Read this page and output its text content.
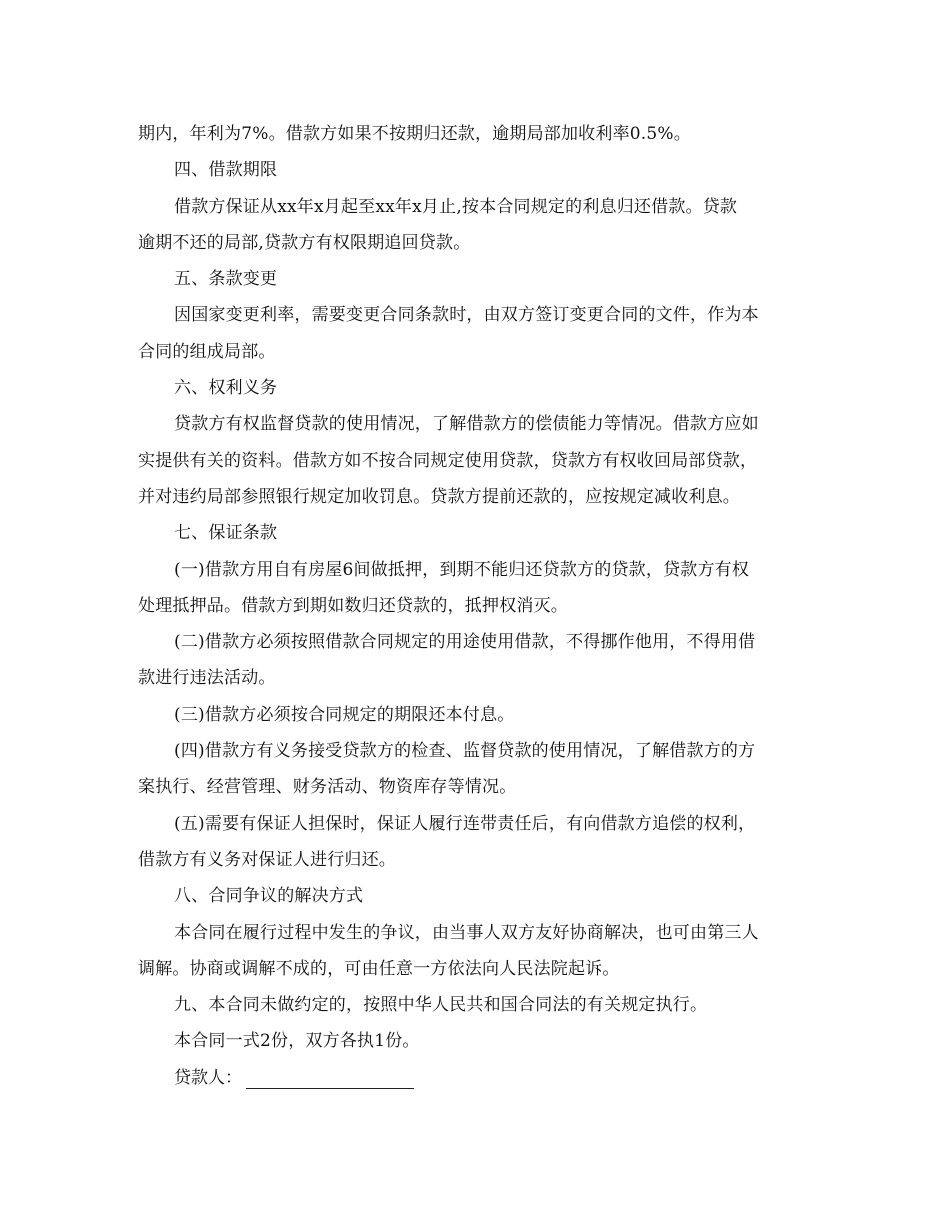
期内，年利为7%。借款方如果不按期归还款，逾期局部加收利率0.5%。
四、借款期限
借款方保证从xx年x月起至xx年x月止,按本合同规定的利息归还借款。贷款
逾期不还的局部,贷款方有权限期追回贷款。
五、条款变更
因国家变更利率，需要变更合同条款时，由双方签订变更合同的文件，作为本
合同的组成局部。
六、权利义务
贷款方有权监督贷款的使用情况，了解借款方的偿债能力等情况。借款方应如
实提供有关的资料。借款方如不按合同规定使用贷款，贷款方有权收回局部贷款，
并对违约局部参照银行规定加收罚息。贷款方提前还款的，应按规定减收利息。
七、保证条款
(一)借款方用自有房屋6间做抵押，到期不能归还贷款方的贷款，贷款方有权
处理抵押品。借款方到期如数归还贷款的，抵押权消灭。
(二)借款方必须按照借款合同规定的用途使用借款，不得挪作他用，不得用借
款进行违法活动。
(三)借款方必须按合同规定的期限还本付息。
(四)借款方有义务接受贷款方的检查、监督贷款的使用情况，了解借款方的方
案执行、经营管理、财务活动、物资库存等情况。
(五)需要有保证人担保时，保证人履行连带责任后，有向借款方追偿的权利，
借款方有义务对保证人进行归还。
八、合同争议的解决方式
本合同在履行过程中发生的争议，由当事人双方友好协商解决，也可由第三人
调解。协商或调解不成的，可由任意一方依法向人民法院起诉。
九、本合同未做约定的，按照中华人民共和国合同法的有关规定执行。
本合同一式2份，双方各执1份。
贷款人：
